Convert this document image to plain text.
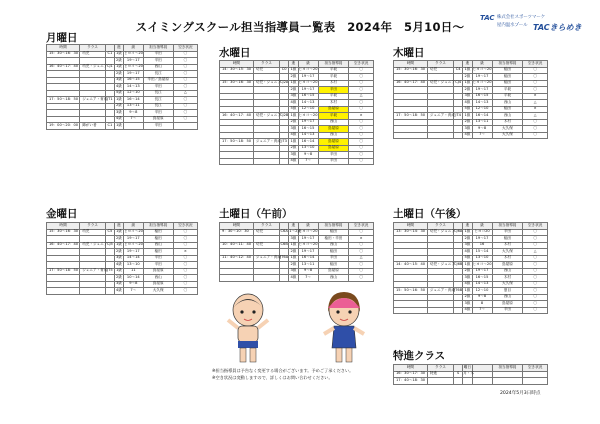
スイミングスクール担当指導員一覧表　2024年　5月10日～
TAC 株式会社スポーツマーケ
屋内温水プール TACきらめき
月曜日
時間	クラス		進	級	担当指導員	空き状況
15：30～16：30	幼児	C1	1級	ヒヨコ～20	辛田	〇
			2級	19～17	辛田	〇
16：40～17：40	幼児・ジュニア	CJ1	1級	ヒヨコ～20	西山	〇
			2級	19～17	長江	〇
			3級	16～15	辛田／鳥屋原	〇
			4級	14～13	辛田	〇
			5級	12～10	長江	△
17：50～18：50	ジュニア・育成	JT1	1級	16～14	長江	〇
			2級	13～11	長江	〇
			3級	9～8	辛田	〇
			4級	7～	鳥屋原	〇
19：00～20：00	障がい者	C1	1級		辛田	
水曜日
時間	クラス		進	級	担当指導員	空き状況
14：30～15：30	幼児	C0	1級	ヒヨコ～20	平坂	〇
			2級	19～17	平坂	〇
15：30～16：30	幼児・ジュニア	CJ2A	1級	ヒヨコ～20	木村	〇
			2級	19～17	辛田	〇
			3級	16～15	平坂	△
			4級	14～13	木村	〇
			5級	12～10	鳥屋原	〇
16：40～17：40	幼児・ジュニア	CJ2B	1級	ヒヨコ～20	平坂	×
			2級	19～17	西山	〇
			3級	16～15	鳥屋原	〇
			4級	14～13	西山	〇
17：50～18：50	ジュニア・育成	JT3	1級	16～14	鳥屋原	〇
			2級	13～10	鳥屋原	〇
			3級	9～8	辛田	〇
			4級	7～	辛田	〇
木曜日
時間	クラス		進	級	担当指導員	空き状況
15：30～16：30	幼児	C4	1級	ヒヨコ～20	稲田	〇
			2級	19～17	稲田	〇
16：40～17：40	幼児・ジュニア	CJ4	1級	ヒヨコ～20	稲田	〇
			2級	19～17	平坂	〇
			3級	16～15	平坂	×
			4級	14～13	西山	△
			5級	12～10	稲田	×
17：50～18：50	ジュニア・育成	JT4	1級	16～14	西山	△
			2級	13～11	木村	〇
			3級	9～8	大久保	〇
			4級	7～	大久保	〇
金曜日
時間	クラス		進	級	担当指導員	空き状況
15：30～16：30	幼児	C5	1級	ヒヨコ～20	稲田	〇
			2級	19～17	稲田	〇
16：40～17：40	幼児・ジュニア	CJ5	1級	ヒヨコ～20	西山	〇
			2級	19～17	稲田	×
			3級	14～14	辛田	〇
			4級	13～10	辛田	〇
17：50～18：50	ジュニア・育成	JT5	1級	11	鳥屋原	〇
			2級	10～14	西山	〇
			3級	9～8	鳥屋原	〇
			4級	7～	大久保	〇
土曜日（午前）
時間	クラス		進	級	担当指導員	空き状況
9：30～10：30	幼児	C6A	1～2級	ヒヨコ～20	稲田	〇
			3級	19～17	稲田・辛田	×
10：40～11：40	幼児	C6B	1級	ヒヨコ～20	西山	〇
			2級	19～17	稲田	〇
11：40～12：40	ジュニア・育成	JT6A	1級	16～14	辛田	△
			2級	13～11	稲田	〇
			3級	9～8	鳥屋原	〇
			4級	7～	西山	〇
土曜日（午後）
時間	クラス		進	級	担当指導員	空き状況
13：30～14：30	幼児・ジュニア	CJ6A	1級	ヒヨコ20	辛田	〇
			2級	19～17	稲田	〇
			3級	16	木村	〇
			4級	15～14	大久保	△
			5級	13～10	木村	〇
14：40～15：40	幼児・ジュニア	CJ6B	1級	ヒヨコ～20	鳥屋原	〇
			2級	19～17	西山	〇
			3級	16～15	木村	〇
			4級	14～13	大久保	〇
15：50～16：50	ジュニア・育成	JT6B	1級	12～10	夏目	〇
			2級	9～8	西山	〇
			3級	8	鳥屋原	〇
			4級	7～	辛田	〇
特進クラス
時間	クラス		曜日		担当指導員	空き状況
16：30～17：30	特進	S	月・木			
17：40～18：30						
※担当指導員は予告なく変更する場合がございます。予めご了承ください。
※空き状況は変動しますので、詳しくはお問い合わせください。
2024年5月3日時点
